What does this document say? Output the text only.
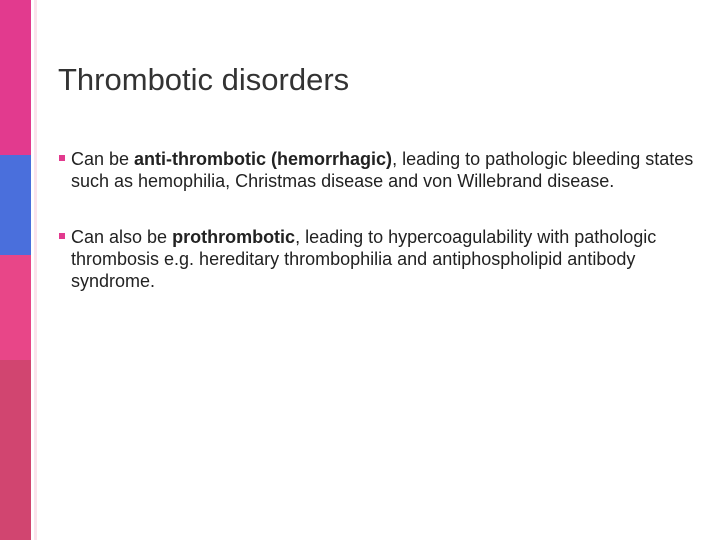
Thrombotic disorders
Can be anti-thrombotic (hemorrhagic), leading to pathologic bleeding states such as hemophilia, Christmas disease and von Willebrand disease.
Can also be prothrombotic, leading to hypercoagulability with pathologic thrombosis e.g. hereditary thrombophilia and antiphospholipid antibody syndrome.
